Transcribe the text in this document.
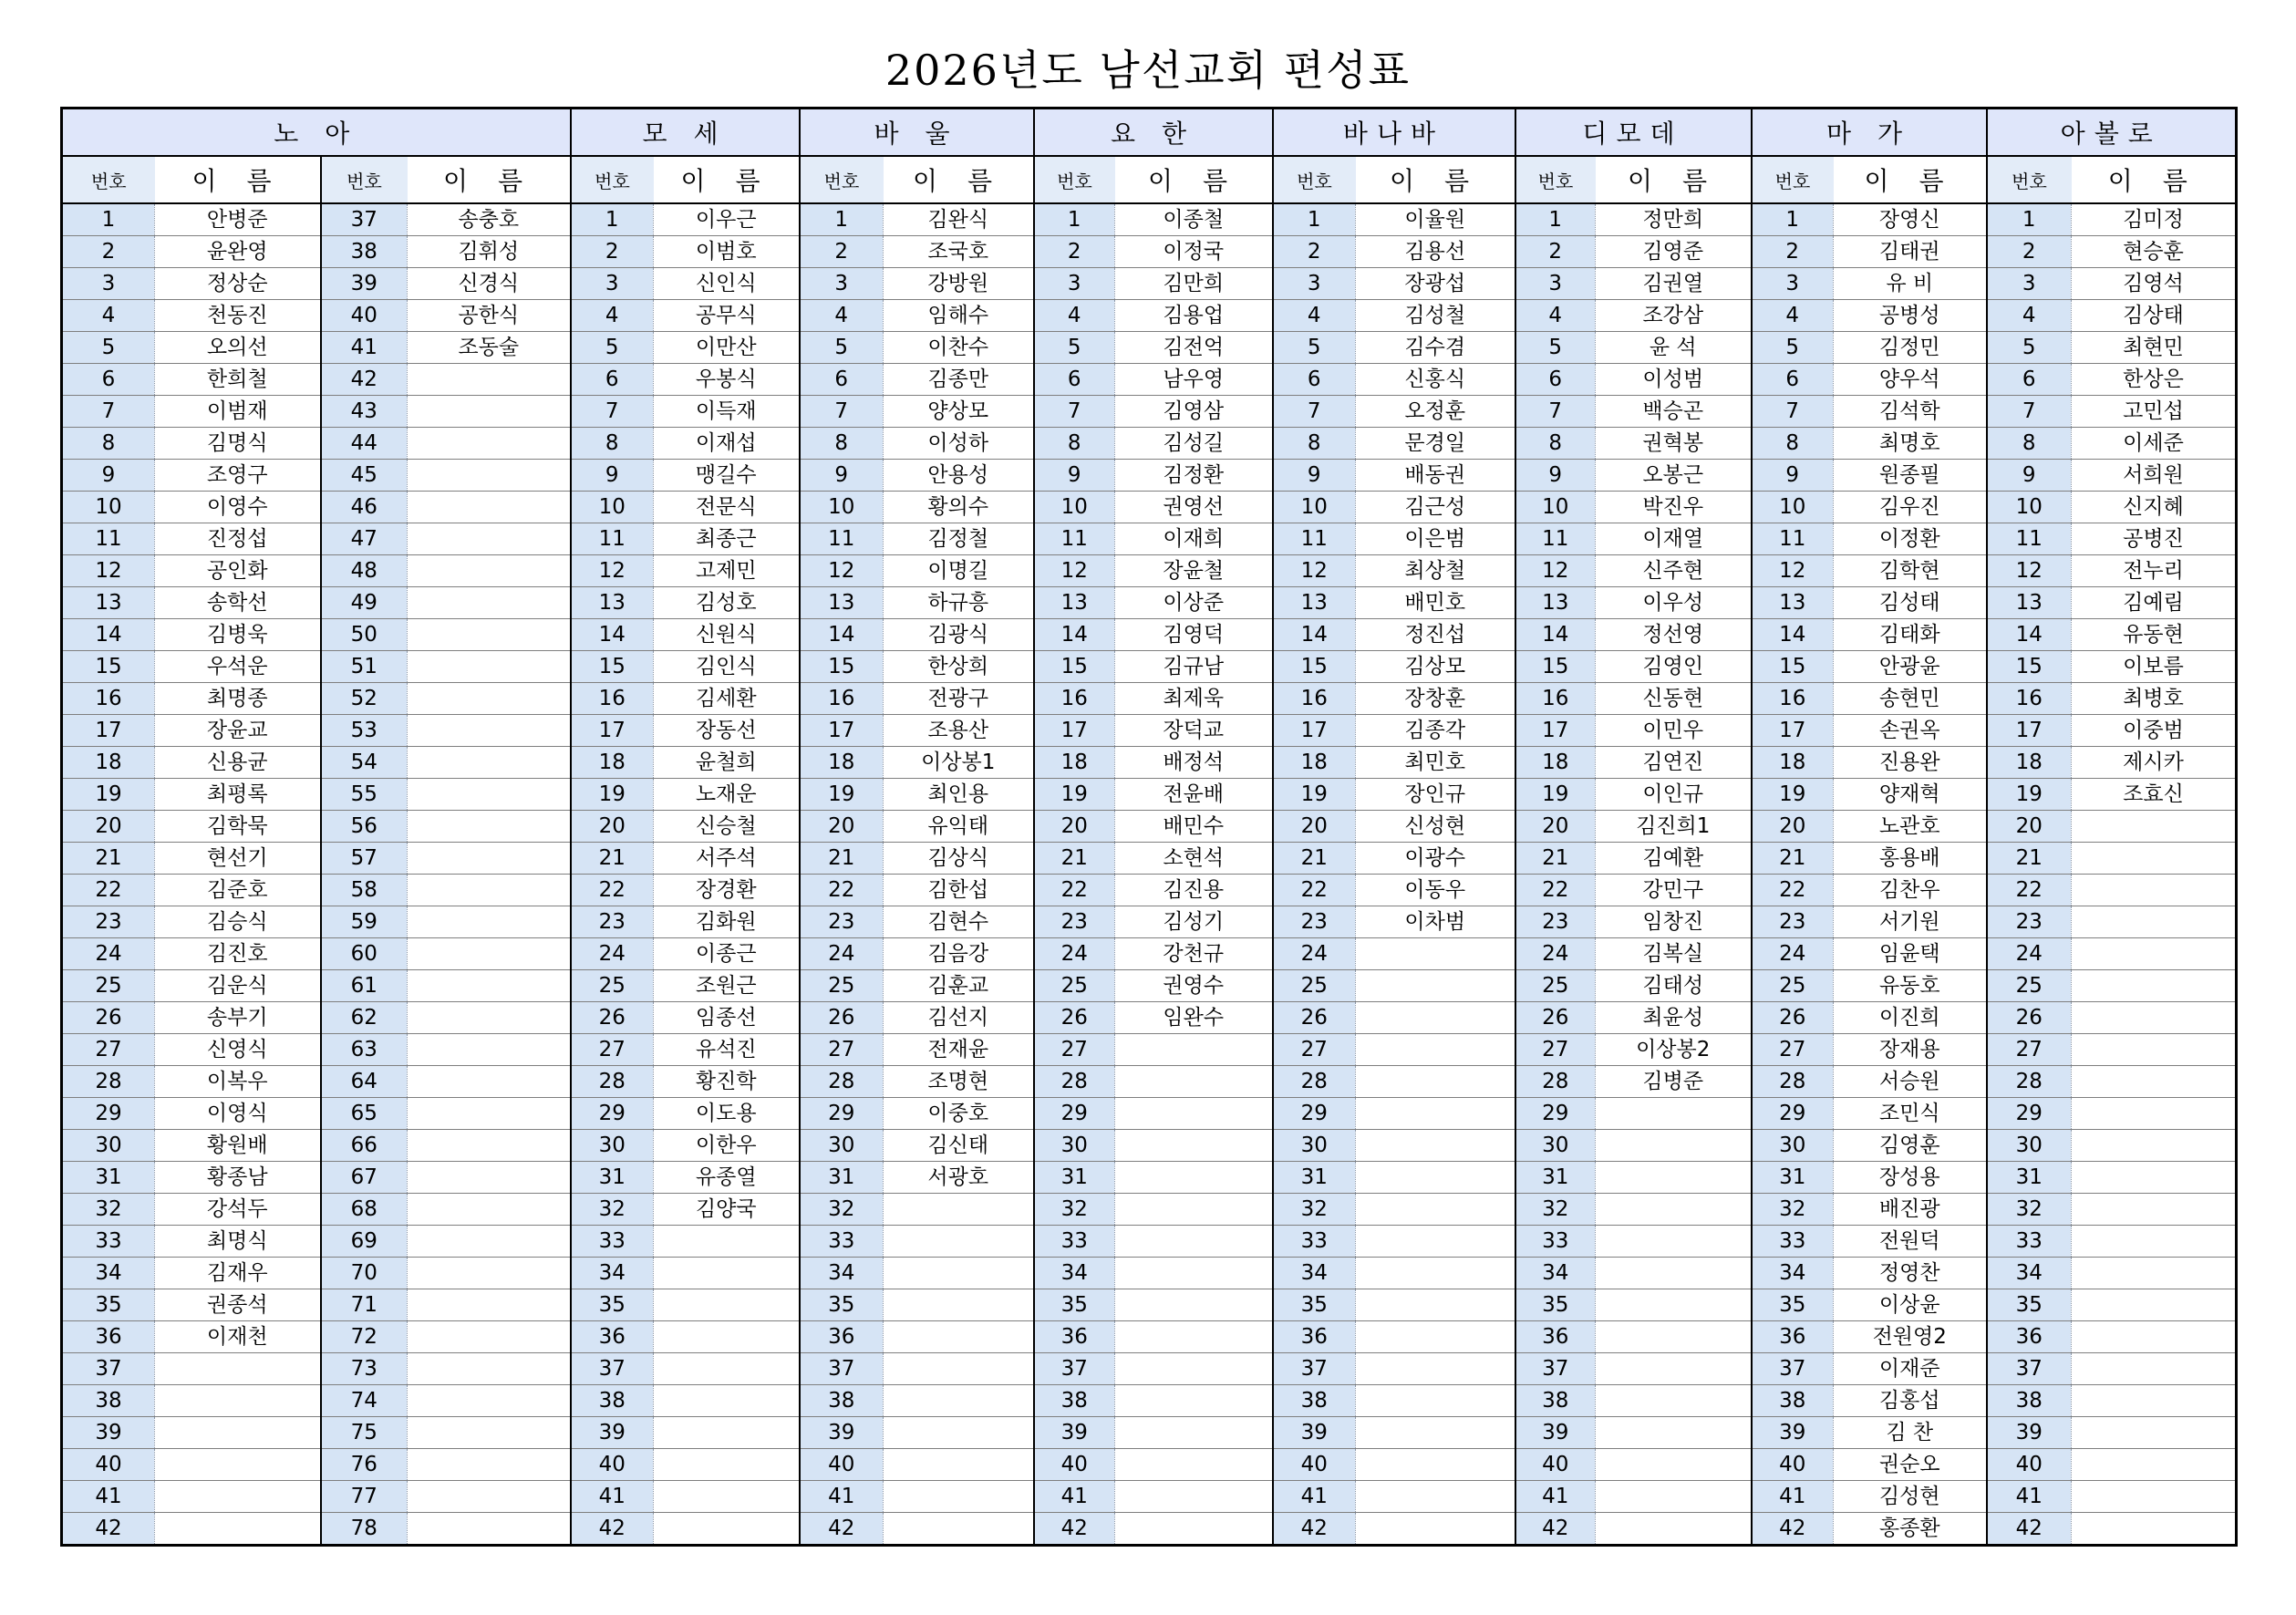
2026년도 남선교회 편성표
노 아				모 세		바 울		요 한		바나바		디모데		마 가		아볼로	
번호	이 름	번호	이 름	번호	이 름	번호	이 름	번호	이 름	번호	이 름	번호	이 름	번호	이 름	번호	이 름
1	안병준	37	송충호	1	이우근	1	김완식	1	이종철	1	이율원	1	정만희	1	장영신	1	김미정
2	윤완영	38	김휘성	2	이범호	2	조국호	2	이정국	2	김용선	2	김영준	2	김태권	2	현승훈
3	정상순	39	신경식	3	신인식	3	강방원	3	김만희	3	장광섭	3	김권열	3	유 비	3	김영석
4	천동진	40	공한식	4	공무식	4	임해수	4	김용업	4	김성철	4	조강삼	4	공병성	4	김상태
5	오의선	41	조동술	5	이만산	5	이찬수	5	김전억	5	김수겸	5	윤 석	5	김정민	5	최현민
6	한희철	42		6	우봉식	6	김종만	6	남우영	6	신홍식	6	이성범	6	양우석	6	한상은
7	이범재	43		7	이득재	7	양상모	7	김영삼	7	오정훈	7	백승곤	7	김석학	7	고민섭
8	김명식	44		8	이재섭	8	이성하	8	김성길	8	문경일	8	권혁봉	8	최명호	8	이세준
9	조영구	45		9	맹길수	9	안용성	9	김정환	9	배동권	9	오봉근	9	원종필	9	서희원
10	이영수	46		10	전문식	10	황의수	10	권영선	10	김근성	10	박진우	10	김우진	10	신지혜
11	진정섭	47		11	최종근	11	김정철	11	이재희	11	이은범	11	이재열	11	이정환	11	공병진
12	공인화	48		12	고제민	12	이명길	12	장윤철	12	최상철	12	신주현	12	김학현	12	전누리
13	송학선	49		13	김성호	13	하규흥	13	이상준	13	배민호	13	이우성	13	김성태	13	김예림
14	김병욱	50		14	신원식	14	김광식	14	김영덕	14	정진섭	14	정선영	14	김태화	14	유동현
15	우석운	51		15	김인식	15	한상희	15	김규남	15	김상모	15	김영인	15	안광윤	15	이보름
16	최명종	52		16	김세환	16	전광구	16	최제욱	16	장창훈	16	신동현	16	송현민	16	최병호
17	장윤교	53		17	장동선	17	조용산	17	장덕교	17	김종각	17	이민우	17	손권옥	17	이중범
18	신용균	54		18	윤철희	18	이상봉1	18	배정석	18	최민호	18	김연진	18	진용완	18	제시카
19	최평록	55		19	노재운	19	최인용	19	전윤배	19	장인규	19	이인규	19	양재혁	19	조효신
20	김학묵	56		20	신승철	20	유익태	20	배민수	20	신성현	20	김진희1	20	노관호	20	
21	현선기	57		21	서주석	21	김상식	21	소현석	21	이광수	21	김예환	21	홍용배	21	
22	김준호	58		22	장경환	22	김한섭	22	김진용	22	이동우	22	강민구	22	김찬우	22	
23	김승식	59		23	김화원	23	김현수	23	김성기	23	이차범	23	임창진	23	서기원	23	
24	김진호	60		24	이종근	24	김음강	24	강천규	24		24	김복실	24	임윤택	24	
25	김운식	61		25	조원근	25	김훈교	25	권영수	25		25	김태성	25	유동호	25	
26	송부기	62		26	임종선	26	김선지	26	임완수	26		26	최윤성	26	이진희	26	
27	신영식	63		27	유석진	27	전재윤	27		27		27	이상봉2	27	장재용	27	
28	이복우	64		28	황진학	28	조명현	28		28		28	김병준	28	서승원	28	
29	이영식	65		29	이도용	29	이중호	29		29		29		29	조민식	29	
30	황원배	66		30	이한우	30	김신태	30		30		30		30	김영훈	30	
31	황종남	67		31	유종열	31	서광호	31		31		31		31	장성용	31	
32	강석두	68		32	김양국	32		32		32		32		32	배진광	32	
33	최명식	69		33		33		33		33		33		33	전원덕	33	
34	김재우	70		34		34		34		34		34		34	정영찬	34	
35	권종석	71		35		35		35		35		35		35	이상윤	35	
36	이재천	72		36		36		36		36		36		36	전원영2	36	
37		73		37		37		37		37		37		37	이재준	37	
38		74		38		38		38		38		38		38	김홍섭	38	
39		75		39		39		39		39		39		39	김 찬	39	
40		76		40		40		40		40		40		40	권순오	40	
41		77		41		41		41		41		41		41	김성현	41	
42		78		42		42		42		42		42		42	홍종환	42	
